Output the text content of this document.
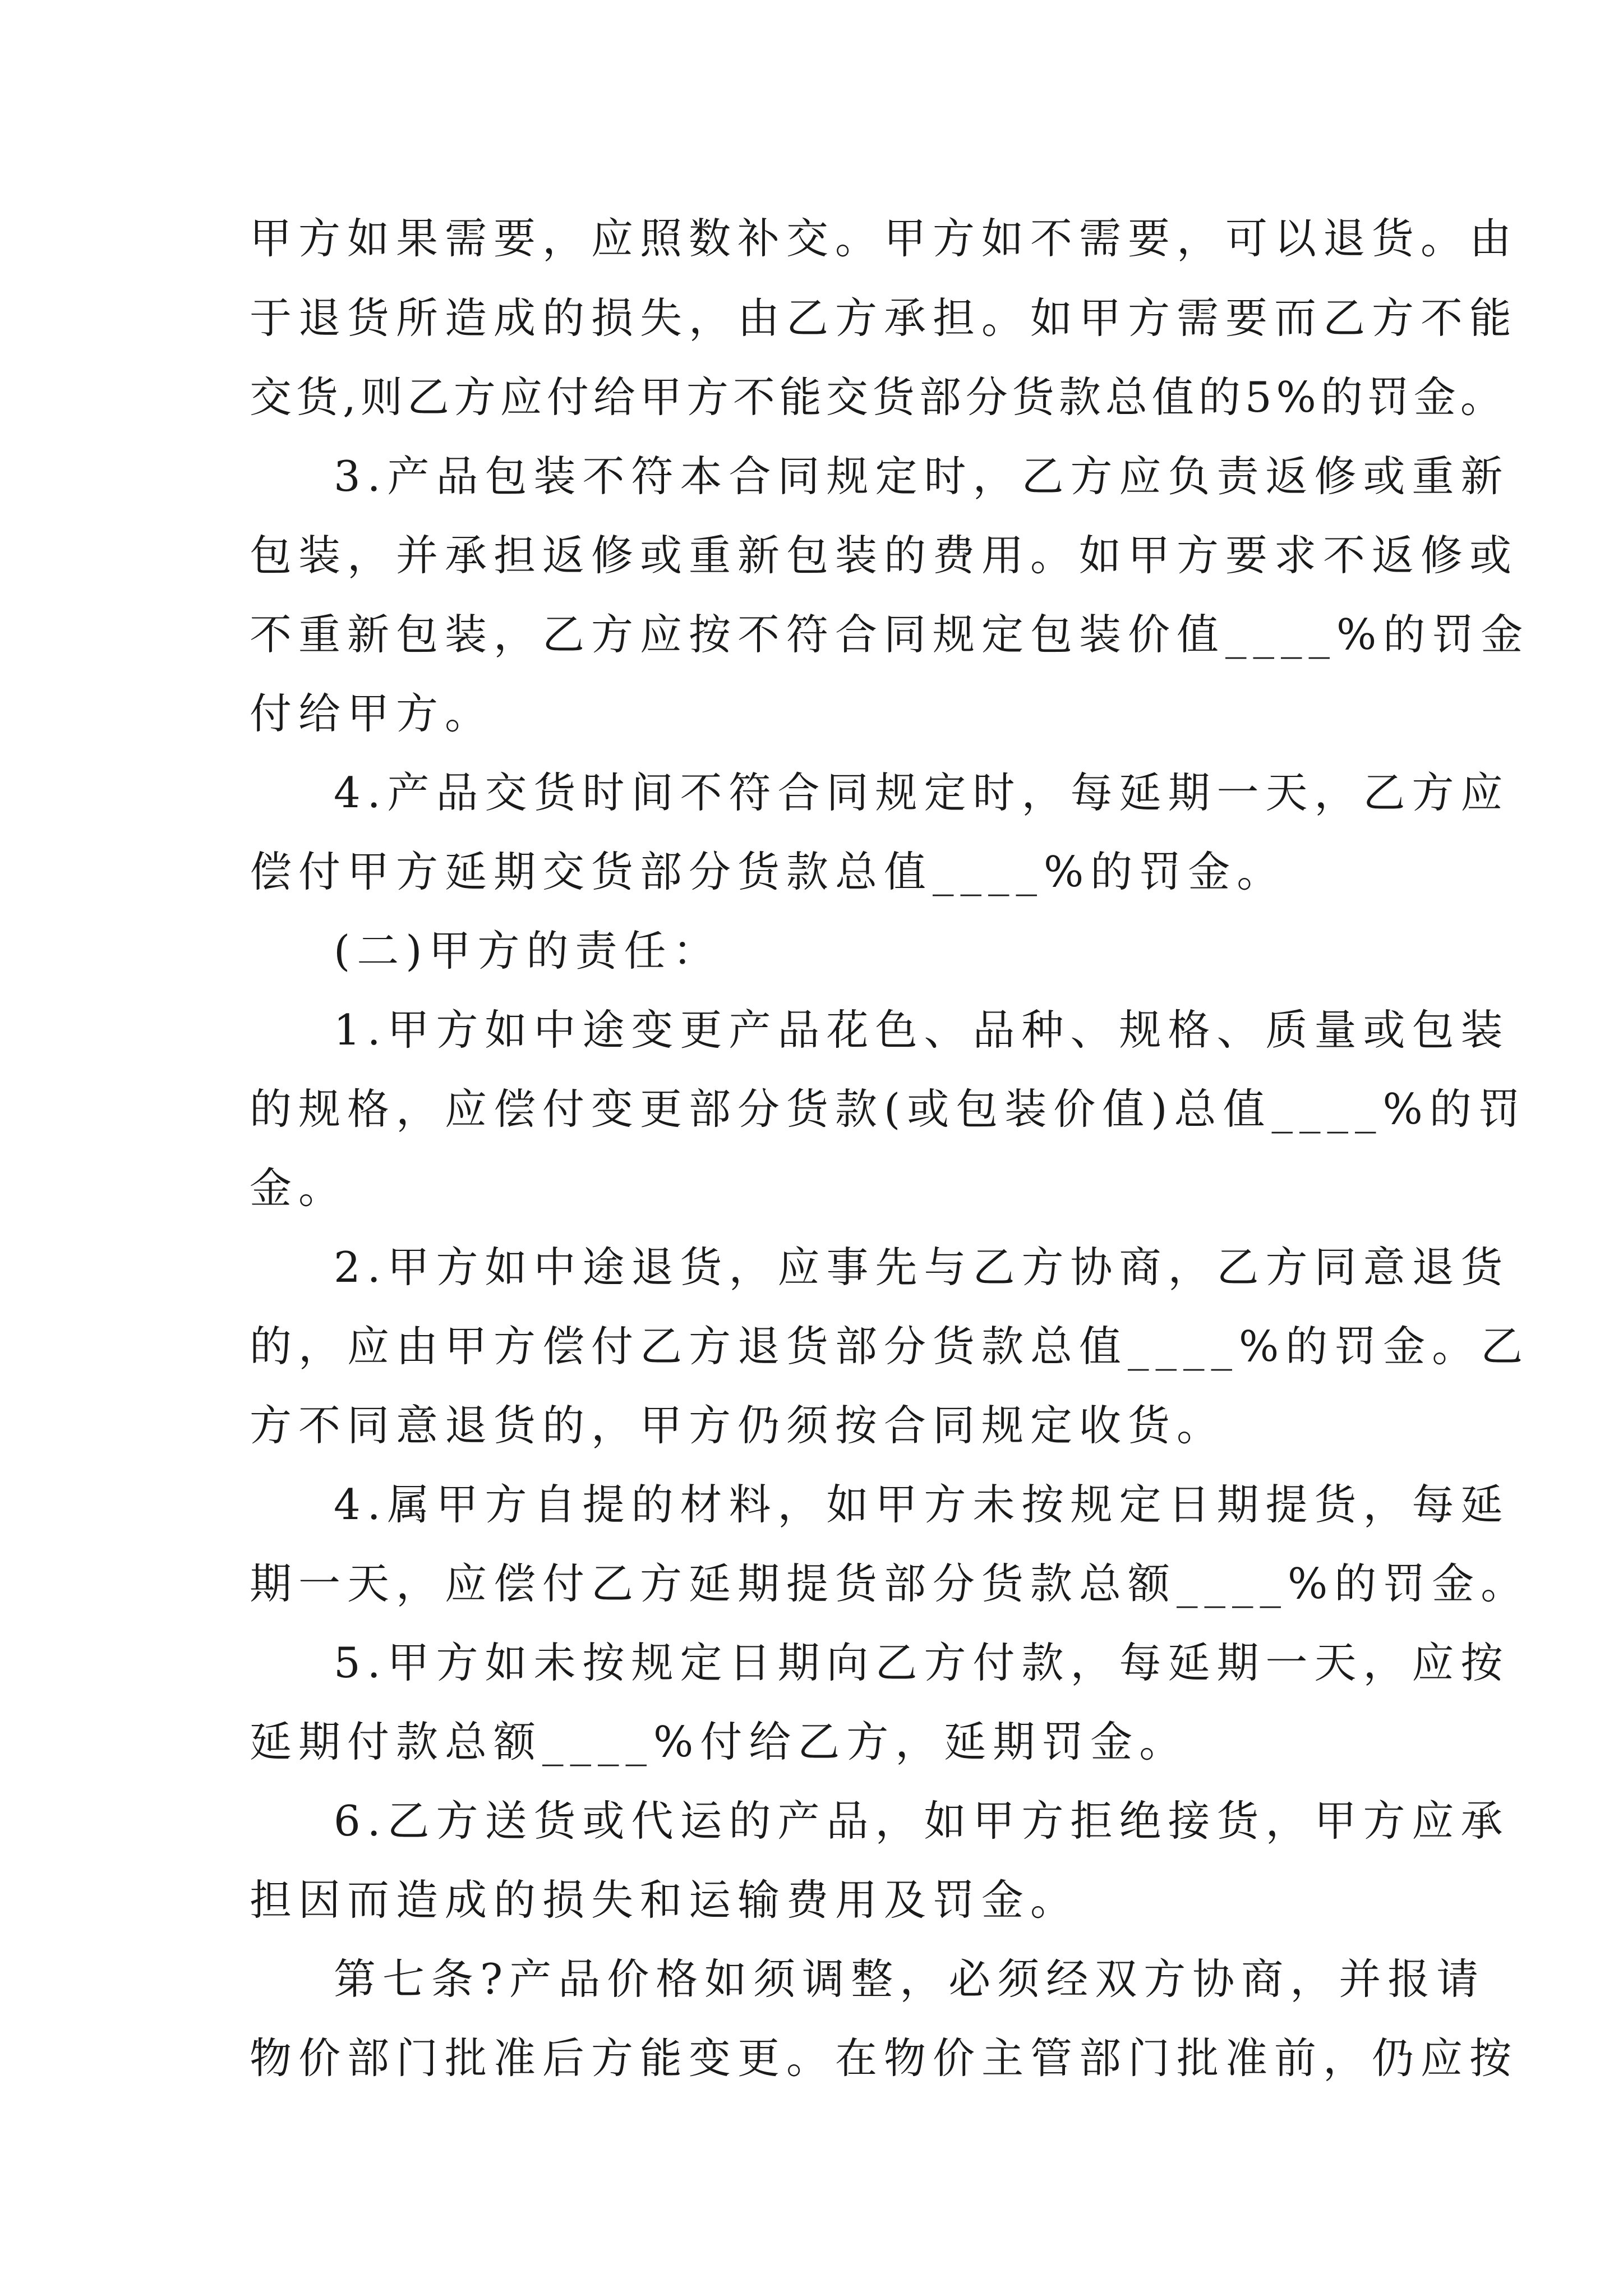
甲方如果需要，应照数补交。甲方如不需要，可以退货。由
于退货所造成的损失，由乙方承担。如甲方需要而乙方不能
交货,则乙方应付给甲方不能交货部分货款总值的5%的罚金。
3.产品包装不符本合同规定时，乙方应负责返修或重新
包装，并承担返修或重新包装的费用。如甲方要求不返修或
不重新包装，乙方应按不符合同规定包装价值____%的罚金
付给甲方。
4.产品交货时间不符合同规定时，每延期一天，乙方应
偿付甲方延期交货部分货款总值____%的罚金。
(二)甲方的责任：
1.甲方如中途变更产品花色、品种、规格、质量或包装
的规格，应偿付变更部分货款(或包装价值)总值____%的罚
金。
2.甲方如中途退货，应事先与乙方协商，乙方同意退货
的，应由甲方偿付乙方退货部分货款总值____%的罚金。乙
方不同意退货的，甲方仍须按合同规定收货。
4.属甲方自提的材料，如甲方未按规定日期提货，每延
期一天，应偿付乙方延期提货部分货款总额____%的罚金。
5.甲方如未按规定日期向乙方付款，每延期一天，应按
延期付款总额____%付给乙方，延期罚金。
6.乙方送货或代运的产品，如甲方拒绝接货，甲方应承
担因而造成的损失和运输费用及罚金。
第七条?产品价格如须调整，必须经双方协商，并报请
物价部门批准后方能变更。在物价主管部门批准前，仍应按
